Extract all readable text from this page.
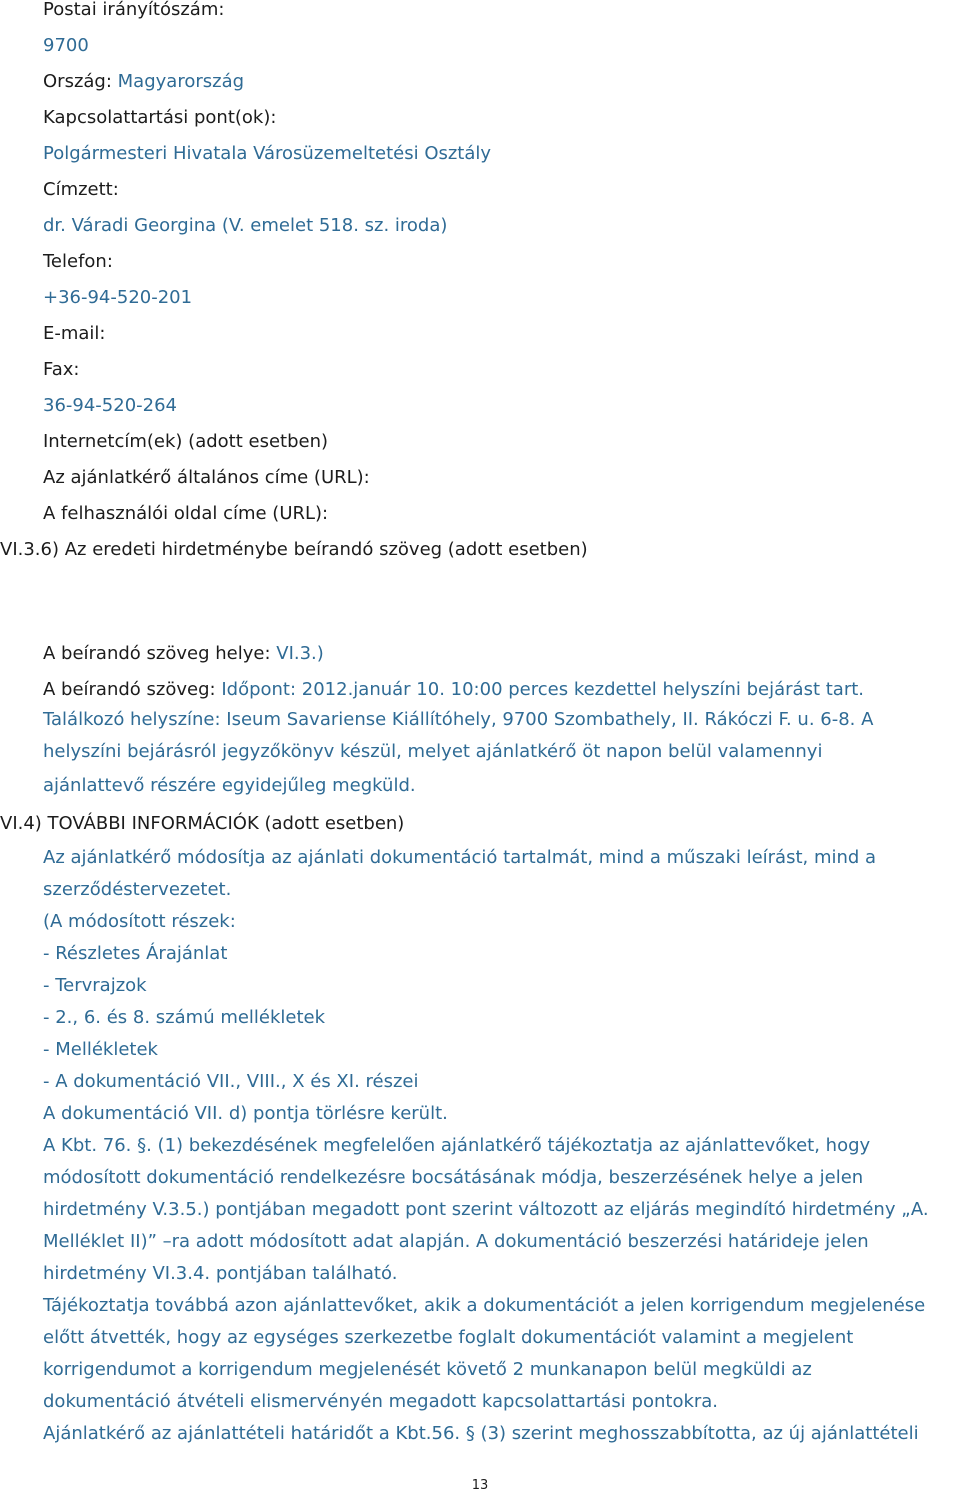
Postai irányítószám:
9700
Ország: Magyarország
Kapcsolattartási pont(ok):
Polgármesteri Hivatala Városüzemeltetési Osztály
Címzett:
dr. Váradi Georgina (V. emelet 518. sz. iroda)
Telefon:
+36-94-520-201
E-mail:
Fax:
36-94-520-264
Internetcím(ek) (adott esetben)
Az ajánlatkérő általános címe (URL):
A felhasználói oldal címe (URL):
VI.3.6) Az eredeti hirdetménybe beírandó szöveg (adott esetben)
A beírandó szöveg helye: VI.3.)
A beírandó szöveg: Időpont: 2012.január 10. 10:00 perces kezdettel helyszíni bejárást tart.
Találkozó helyszíne: Iseum Savariense Kiállítóhely, 9700 Szombathely, II. Rákóczi F. u. 6-8. A
helyszíni bejárásról jegyzőkönyv készül, melyet ajánlatkérő öt napon belül valamennyi
ajánlattevő részére egyidejűleg megküld.
VI.4) TOVÁBBI INFORMÁCIÓK (adott esetben)
Az ajánlatkérő módosítja az ajánlati dokumentáció tartalmát, mind a műszaki leírást, mind a
szerződéstervezetet.
(A módosított részek:
- Részletes Árajánlat
- Tervrajzok
- 2., 6. és 8. számú mellékletek
- Mellékletek
- A dokumentáció VII., VIII., X és XI. részei
A dokumentáció VII. d) pontja törlésre került.
A Kbt. 76. §. (1) bekezdésének megfelelően ajánlatkérő tájékoztatja az ajánlattevőket, hogy
módosított dokumentáció rendelkezésre bocsátásának módja, beszerzésének helye a jelen
hirdetmény V.3.5.) pontjában megadott pont szerint változott az eljárás megindító hirdetmény „A.
Melléklet II)” –ra adott módosított adat alapján. A dokumentáció beszerzési határideje jelen
hirdetmény VI.3.4. pontjában található.
Tájékoztatja továbbá azon ajánlattevőket, akik a dokumentációt a jelen korrigendum megjelenése
előtt átvették, hogy az egységes szerkezetbe foglalt dokumentációt valamint a megjelent
korrigendumot a korrigendum megjelenését követő 2 munkanapon belül megküldi az
dokumentáció átvételi elismervényén megadott kapcsolattartási pontokra.
Ajánlatkérő az ajánlattételi határidőt a Kbt.56. § (3) szerint meghosszabbította, az új ajánlattételi
13
